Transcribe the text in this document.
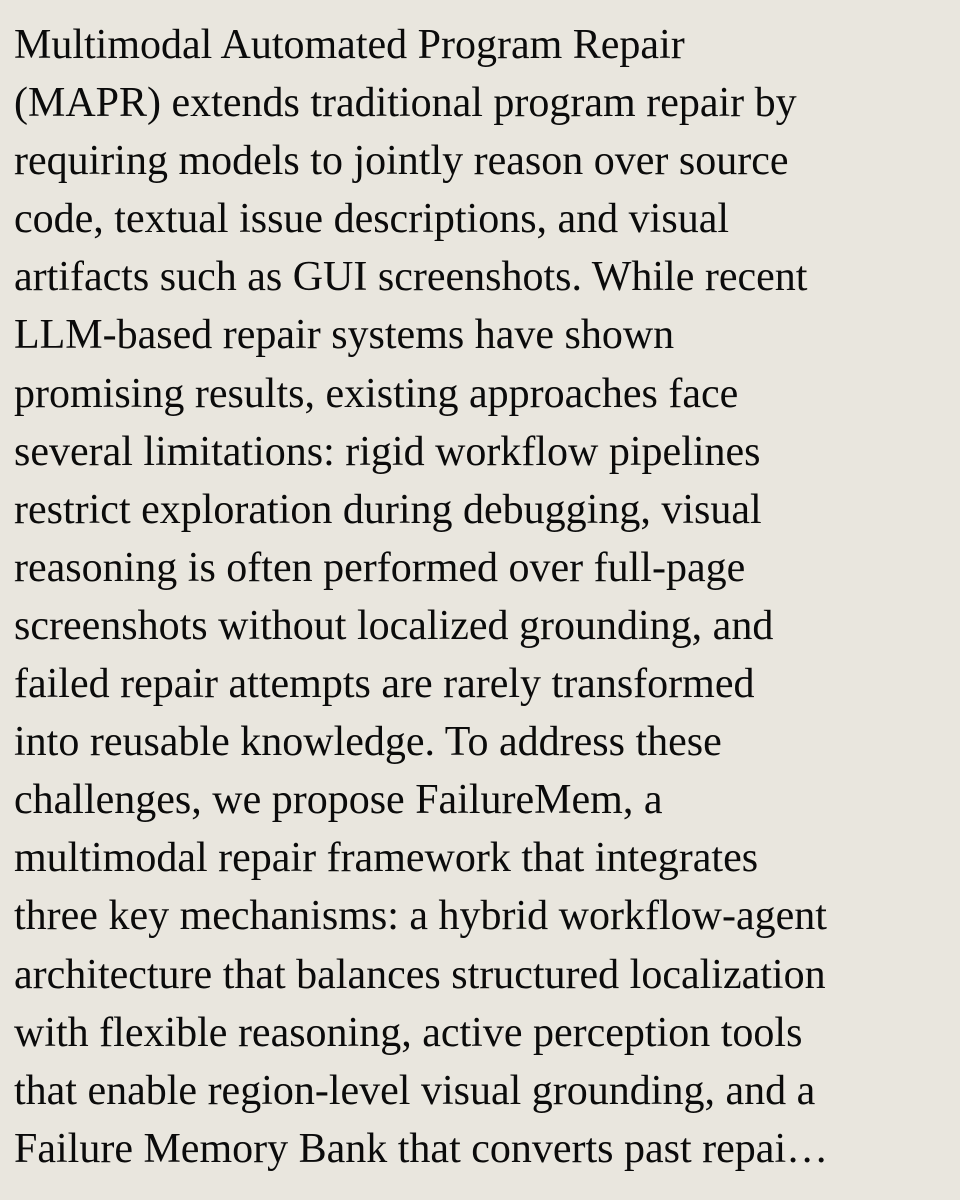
Multimodal Automated Program Repair
(MAPR) extends traditional program repair by
requiring models to jointly reason over source
code, textual issue descriptions, and visual
artifacts such as GUI screenshots. While recent
LLM-based repair systems have shown
promising results, existing approaches face
several limitations: rigid workflow pipelines
restrict exploration during debugging, visual
reasoning is often performed over full-page
screenshots without localized grounding, and
failed repair attempts are rarely transformed
into reusable knowledge. To address these
challenges, we propose FailureMem, a
multimodal repair framework that integrates
three key mechanisms: a hybrid workflow-agent
architecture that balances structured localization
with flexible reasoning, active perception tools
that enable region-level visual grounding, and a
Failure Memory Bank that converts past repai…
